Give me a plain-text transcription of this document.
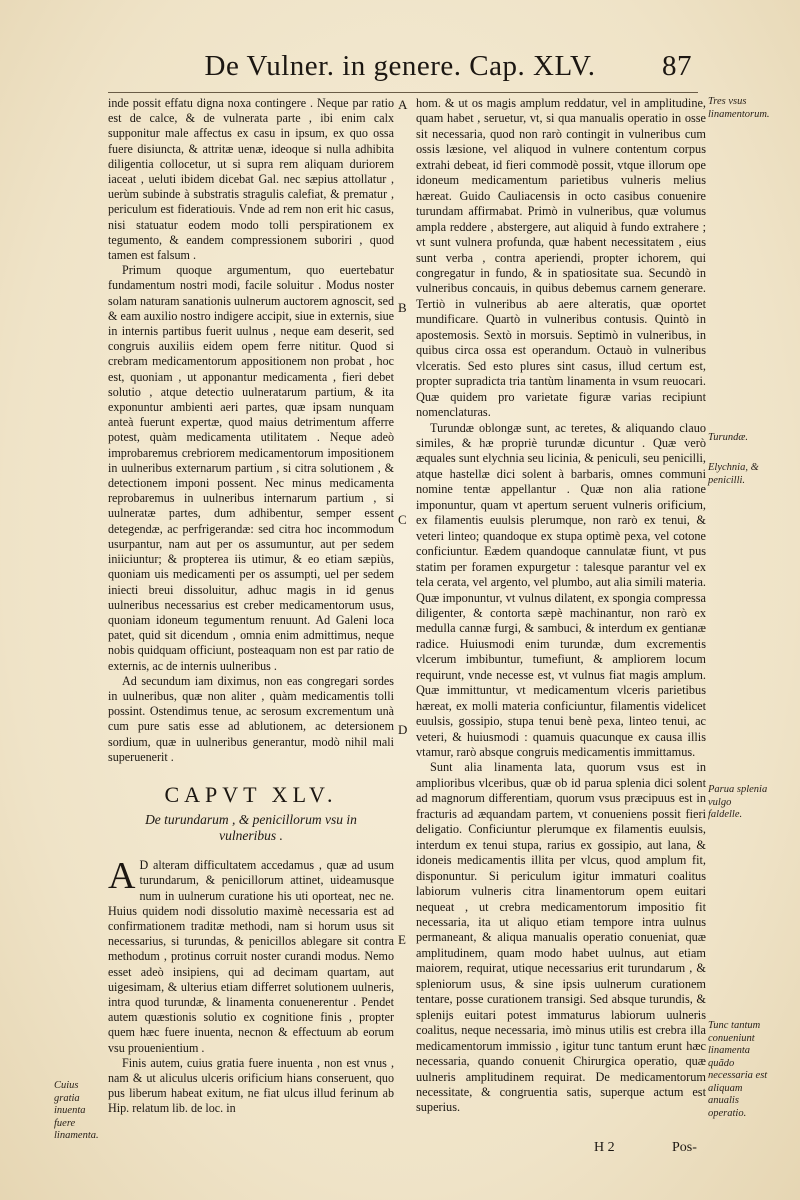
De Vulner. in genere. Cap. XLV. 87

inde possit effatu digna noxa contingere . Neque par ratio est de calce, & de vulnerata parte , ibi enim calx supponitur male affectus ex casu in ipsum, ex quo ossa fuere disiuncta, & attritæ uenæ, ideoque si nulla adhibita diligentia collocetur, ut si supra rem aliquam duriorem iaceat , ueluti ibidem dicebat Gal. nec sæpius attollatur , uerùm subinde à substratis stragulis calefiat, & prematur , periculum est fideratiouis. Vnde ad rem non erit hic casus, nisi statuatur eodem modo tolli perspirationem ex tegumento, & eandem compressionem suboriri , quod tamen est falsum .

Primum quoque argumentum, quo euertebatur fundamentum nostri modi, facile soluitur . Modus noster solam naturam sanationis uulnerum auctorem agnoscit, sed & eam auxilio nostro indigere accipit, siue in externis, siue in internis partibus fuerit uulnus , neque eam deserit, sed congruis auxiliis eidem opem ferre nititur. Quod si crebram medicamentorum appositionem non probat , hoc est, quoniam , ut apponantur medicamenta , fieri debet solutio , atque detectio uulneratarum partium, & ita exponuntur ambienti aeri partes, quæ ipsam nunquam anteà fuerunt expertæ, quod maius detrimentum afferre potest, quàm medicamenta utilitatem . Neque adeò improbaremus crebriorem medicamentorum impositionem in uulneribus externarum partium , si citra solutionem , & detectionem imponi possent. Nec minus medicamenta reprobaremus in uulneribus internarum partium , si uulneratæ partes, dum adhibentur, semper essent detegendæ, ac perfrigerandæ: sed citra hoc incommodum usurpantur, nam aut per os assumuntur, aut per sedem iniiciuntur; & propterea iis utimur, & eo etiam sæpiùs, quoniam uis medicamenti per os assumpti, uel per sedem iniecti breui dissoluitur, adhuc magis in id genus uulneribus necessarius est creber medicamentorum usus, quoniam idoneum tegumentum renuunt. Ad Galeni loca patet, quid sit dicendum , omnia enim admittimus, neque nobis quidquam officiunt, posteaquam non est par ratio de externis, ac de internis uulneribus .

Ad secundum iam diximus, non eas congregari sordes in uulneribus, quæ non aliter , quàm medicamentis tolli possint. Ostendimus tenue, ac serosum excrementum unà cum pure satis esse ad ablutionem, ac detersionem sordium, quæ in uulneribus generantur, modò nihil mali superuenerit .

CAPVT XLV.
De turundarum , & penicillorum vsu in vulneribus .

A D alteram difficultatem accedamus , quæ ad usum turundarum, & penicillorum attinet, uideamusque num in uulnerum curatione his uti oporteat, nec ne. Huius quidem nodi dissolutio maximè necessaria est ad confirmationem traditæ methodi, nam si horum usus sit necessarius, si turundas, & penicillos ablegare sit contra methodum , protinus corruit noster curandi modus. Nemo esset adeò insipiens, qui ad decimam quartam, aut uigesimam, & ulterius etiam differret solutionem uulneris, intra quod turundæ, & linamenta conuenerentur . Pendet autem quæstionis solutio ex cognitione finis , propter quem hæc fuere inuenta, necnon & effectuum ab eorum vsu prouenientium .

Finis autem, cuius gratia fuere inuenta , non est vnus , nam & ut aliculus ulceris orificium hians conseruent, quo pus liberum habeat exitum, ne fiat ulcus illud ferinum ab Hip. relatum lib. de loc. in

A
B
C
D
E

hom. & ut os magis amplum reddatur, vel in amplitudine, quam habet , seruetur, vt, si qua manualis operatio in osse sit necessaria, quod non rarò contingit in vulneribus cum ossis læsione, vel aliquod in vulnere contentum corpus extrahi debeat, id fieri commodè possit, vtque illorum ope idoneum medicamentum parietibus vulneris melius hæreat. Guido Cauliacensis in octo casibus conuenire turundam affirmabat. Primò in vulneribus, quæ volumus ampla reddere , abstergere, aut aliquid à fundo extrahere ; vt sunt vulnera profunda, quæ habent necessitatem , eius sunt verba , contra aperiendi, propter ichorem, qui congregatur in fundo, & in spatiositate sua. Secundò in vulneribus concauis, in quibus debemus carnem generare. Tertiò in vulneribus ab aere alteratis, quæ oportet mundificare. Quartò in vulneribus contusis. Quintò in apostemosis. Sextò in morsuis. Septimò in vulneribus, in quibus circa ossa est operandum. Octauò in vulneribus vlceratis. Sed esto plures sint casus, illud certum est, propter supradicta tria tantùm linamenta in vsum reuocari. Quæ quidem pro varietate figuræ varias recipiunt nomenclaturas.

Turundæ oblongæ sunt, ac teretes, & aliquando clauo similes, & hæ propriè turundæ dicuntur . Quæ verò æquales sunt elychnia seu licinia, & peniculi, seu penicilli, atque hastellæ dici solent à barbaris, omnes communi nomine tentæ appellantur . Quæ non alia ratione imponuntur, quam vt apertum seruent vulneris orificium, ex filamentis euulsis plerumque, non rarò ex tenui, & veteri linteo; quandoque ex stupa optimè pexa, vel cotone conficiuntur. Eædem quandoque cannulatæ fiunt, vt pus statim per foramen expurgetur : talesque parantur vel ex tela cerata, vel argento, vel plumbo, aut alia simili materia. Quæ imponuntur, vt vulnus dilatent, ex spongia compressa diligenter, & contorta sæpè machinantur, non rarò ex medulla cannæ furgi, & sambuci, & interdum ex gentianæ radice. Huiusmodi enim turundæ, dum excrementis vlcerum imbibuntur, tumefiunt, & ampliorem locum requirunt, vnde necesse est, vt vulnus fiat magis amplum. Quæ immittuntur, vt medicamentum vlceris parietibus hæreat, ex molli materia conficiuntur, filamentis videlicet euulsis, gossipio, stupa tenui benè pexa, linteo tenui, ac veteri, & huiusmodi : quamuis quacunque ex causa illis vtamur, rarò absque congruis medicamentis immittamus.

Sunt alia linamenta lata, quorum vsus est in amplioribus vlceribus, quæ ob id parua splenia dici solent ad magnorum differentiam, quorum vsus præcipuus est in fracturis ad æquandam partem, vt conueniens possit fieri deligatio. Conficiuntur plerumque ex filamentis euulsis, interdum ex tenui stupa, rarius ex gossipio, aut lana, & idoneis medicamentis illita per vlcus, quod amplum fit, disponuntur. Si periculum igitur immaturi coalitus labiorum vulneris citra linamentorum opem euitari nequeat , ut crebra medicamentorum impositio fit necessaria, ita ut aliquo etiam tempore intra uulnus permaneant, & aliqua manualis operatio conueniat, quæ amplitudinem, quam modo habet uulnus, aut etiam maiorem, requirat, utique necessarius erit turundarum , & spleniorum usus, & sine ipsis uulnerum curationem tentare, posse curationem transigi. Sed absque turundis, & splenijs euitari potest immaturus labiorum uulneris coalitus, neque necessaria, imò minus utilis est crebra illa medicamentorum immissio , igitur tunc tantum erunt hæc necessaria, quando conuenit Chirurgica operatio, quæ uulneris amplitudinem requirat. De medicamentorum necessitate, & congruentia satis, superque actum est superius.

Cuius gratia inuenta fuere linamenta.
Tres vsus linamentorum.
Turundæ.
Elychnia, & penicilli.
Parua splenia vulgo faldelle.
Tunc tantum conueniunt linamenta quãdo necessaria est aliquam anualis operatio.
H 2	Pos-
